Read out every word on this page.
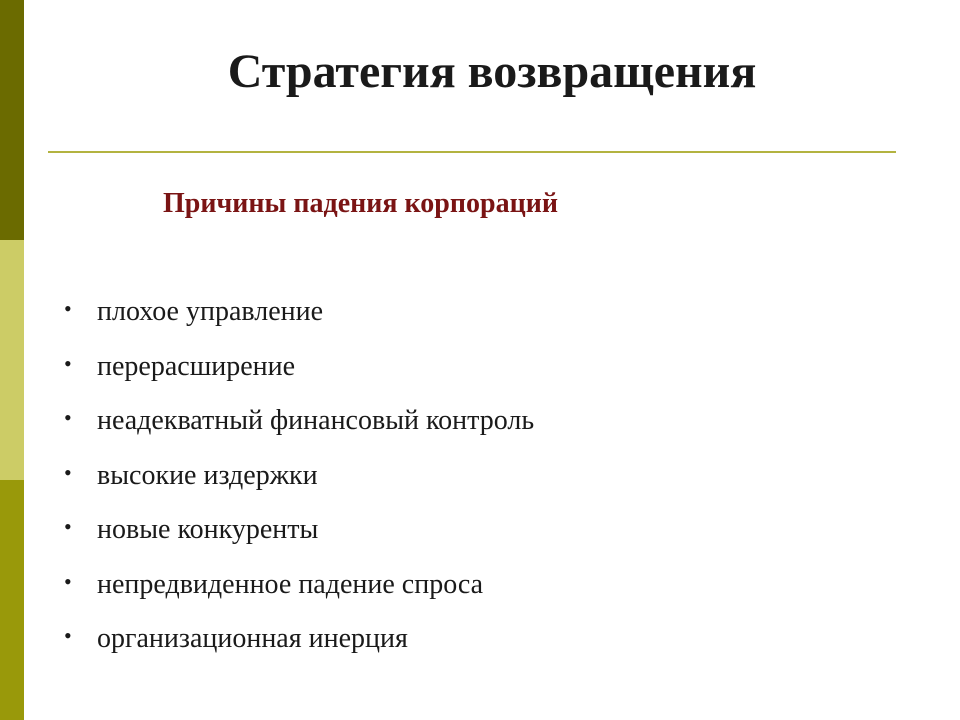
Стратегия возвращения
Причины падения корпораций
• плохое управление
• перерасширение
• неадекватный финансовый контроль
• высокие издержки
• новые конкуренты
• непредвиденное падение спроса
• организационная инерция
